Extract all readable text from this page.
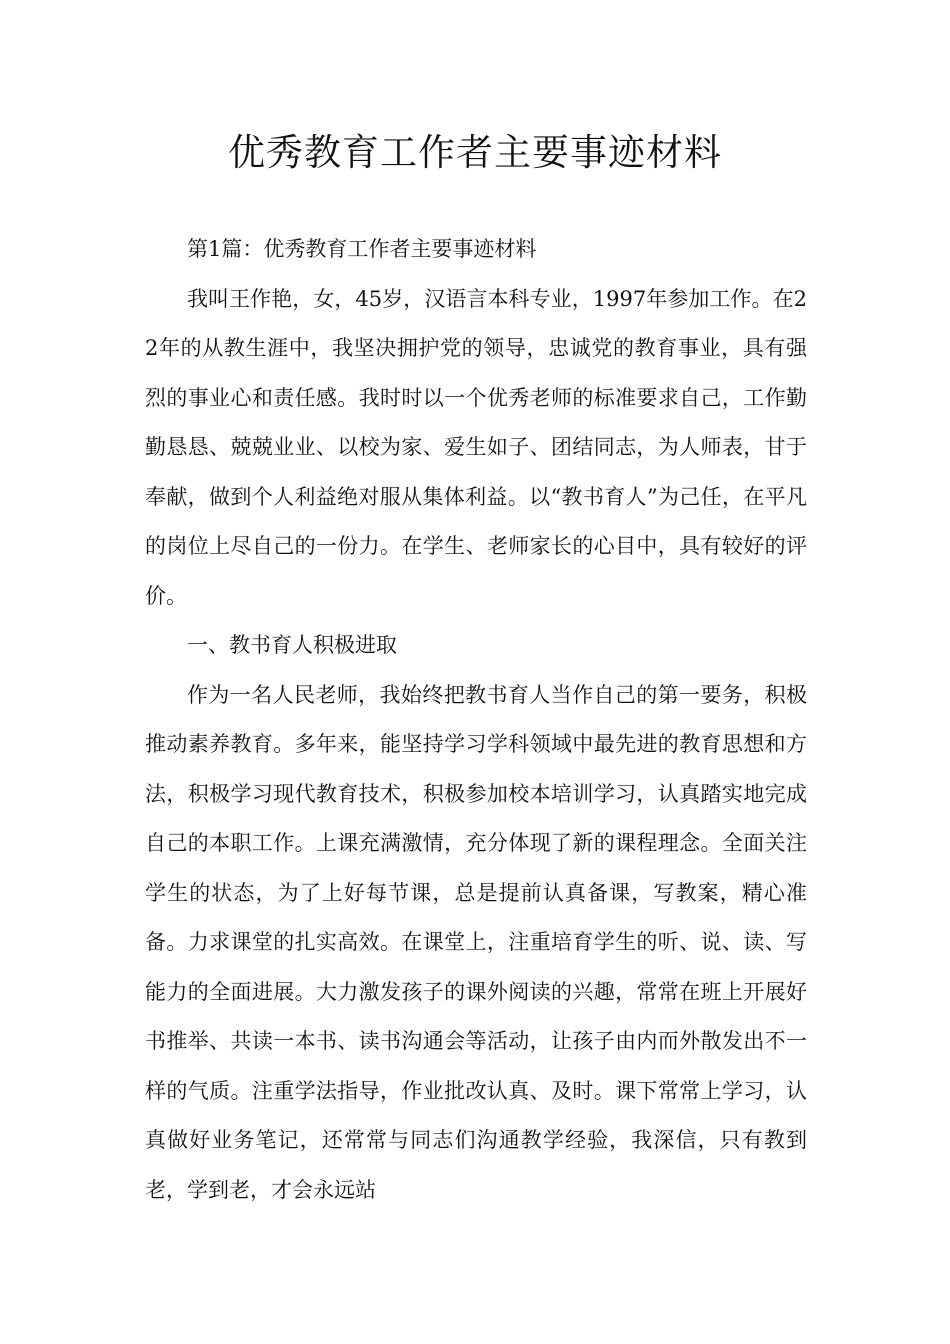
优秀教育工作者主要事迹材料

第1篇：优秀教育工作者主要事迹材料

我叫王作艳，女，45岁，汉语言本科专业，1997年参加工作。在22年的从教生涯中，我坚决拥护党的领导，忠诚党的教育事业，具有强烈的事业心和责任感。我时时以一个优秀老师的标准要求自己，工作勤勤恳恳、兢兢业业、以校为家、爱生如子、团结同志，为人师表，甘于奉献，做到个人利益绝对服从集体利益。以“教书育人”为己任，在平凡的岗位上尽自己的一份力。在学生、老师家长的心目中，具有较好的评价。

一、教书育人积极进取

作为一名人民老师，我始终把教书育人当作自己的第一要务，积极推动素养教育。多年来，能坚持学习学科领域中最先进的教育思想和方法，积极学习现代教育技术，积极参加校本培训学习，认真踏实地完成自己的本职工作。上课充满激情，充分体现了新的课程理念。全面关注学生的状态，为了上好每节课，总是提前认真备课，写教案，精心准备。力求课堂的扎实高效。在课堂上，注重培育学生的听、说、读、写能力的全面进展。大力激发孩子的课外阅读的兴趣，常常在班上开展好书推举、共读一本书、读书沟通会等活动，让孩子由内而外散发出不一样的气质。注重学法指导，作业批改认真、及时。课下常常上学习，认真做好业务笔记，还常常与同志们沟通教学经验，我深信，只有教到老，学到老，才会永远站
